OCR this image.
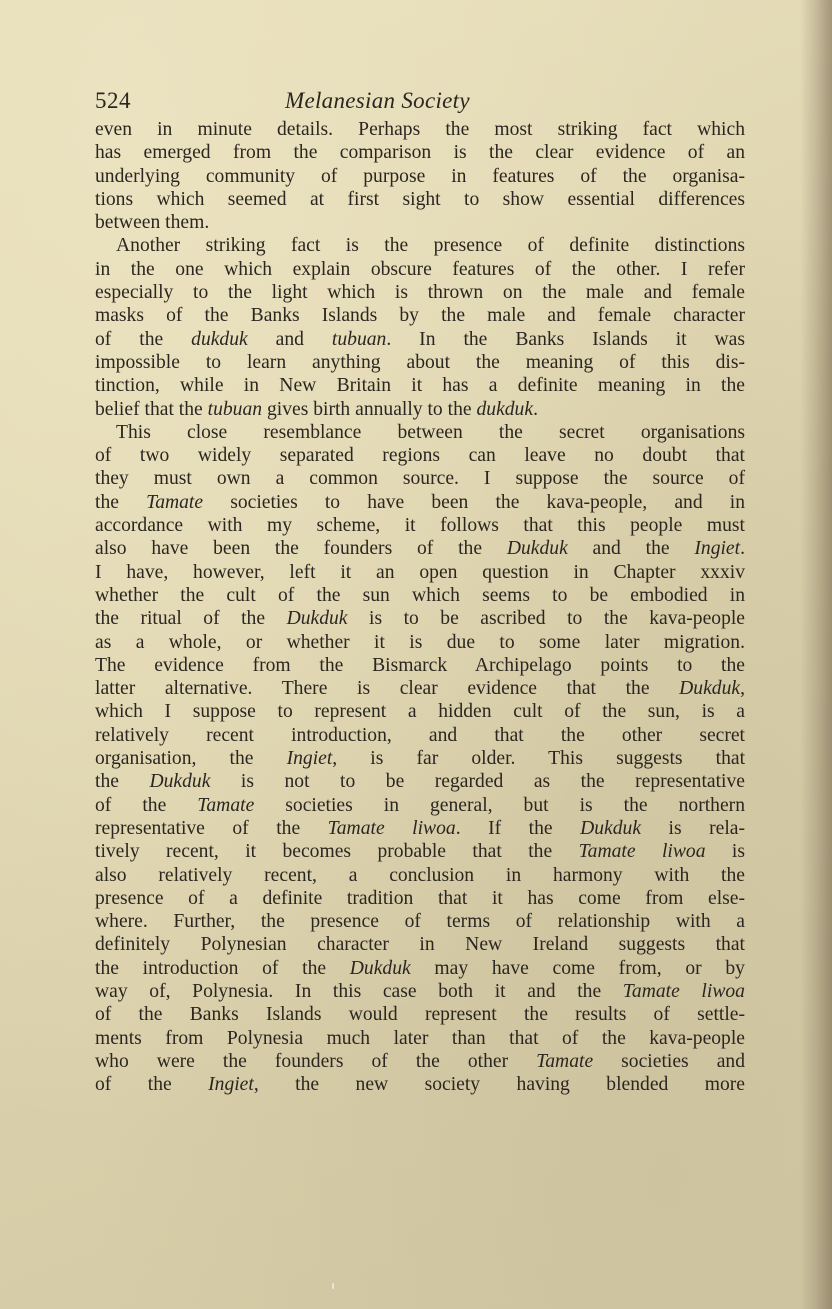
524	Melanesian Society
even in minute details. Perhaps the most striking fact which
has emerged from the comparison is the clear evidence of an
underlying community of purpose in features of the organisa-
tions which seemed at first sight to show essential differences
between them.
Another striking fact is the presence of definite distinctions
in the one which explain obscure features of the other. I refer
especially to the light which is thrown on the male and female
masks of the Banks Islands by the male and female character
of the dukduk and tubuan. In the Banks Islands it was
impossible to learn anything about the meaning of this dis-
tinction, while in New Britain it has a definite meaning in the
belief that the tubuan gives birth annually to the dukduk.
This close resemblance between the secret organisations
of two widely separated regions can leave no doubt that
they must own a common source. I suppose the source of
the Tamate societies to have been the kava-people, and in
accordance with my scheme, it follows that this people must
also have been the founders of the Dukduk and the Ingiet.
I have, however, left it an open question in Chapter xxxiv
whether the cult of the sun which seems to be embodied in
the ritual of the Dukduk is to be ascribed to the kava-people
as a whole, or whether it is due to some later migration.
The evidence from the Bismarck Archipelago points to the
latter alternative. There is clear evidence that the Dukduk,
which I suppose to represent a hidden cult of the sun, is a
relatively recent introduction, and that the other secret
organisation, the Ingiet, is far older. This suggests that
the Dukduk is not to be regarded as the representative
of the Tamate societies in general, but is the northern
representative of the Tamate liwoa. If the Dukduk is rela-
tively recent, it becomes probable that the Tamate liwoa is
also relatively recent, a conclusion in harmony with the
presence of a definite tradition that it has come from else-
where. Further, the presence of terms of relationship with a
definitely Polynesian character in New Ireland suggests that
the introduction of the Dukduk may have come from, or by
way of, Polynesia. In this case both it and the Tamate liwoa
of the Banks Islands would represent the results of settle-
ments from Polynesia much later than that of the kava-people
who were the founders of the other Tamate societies and
of the Ingiet, the new society having blended more
